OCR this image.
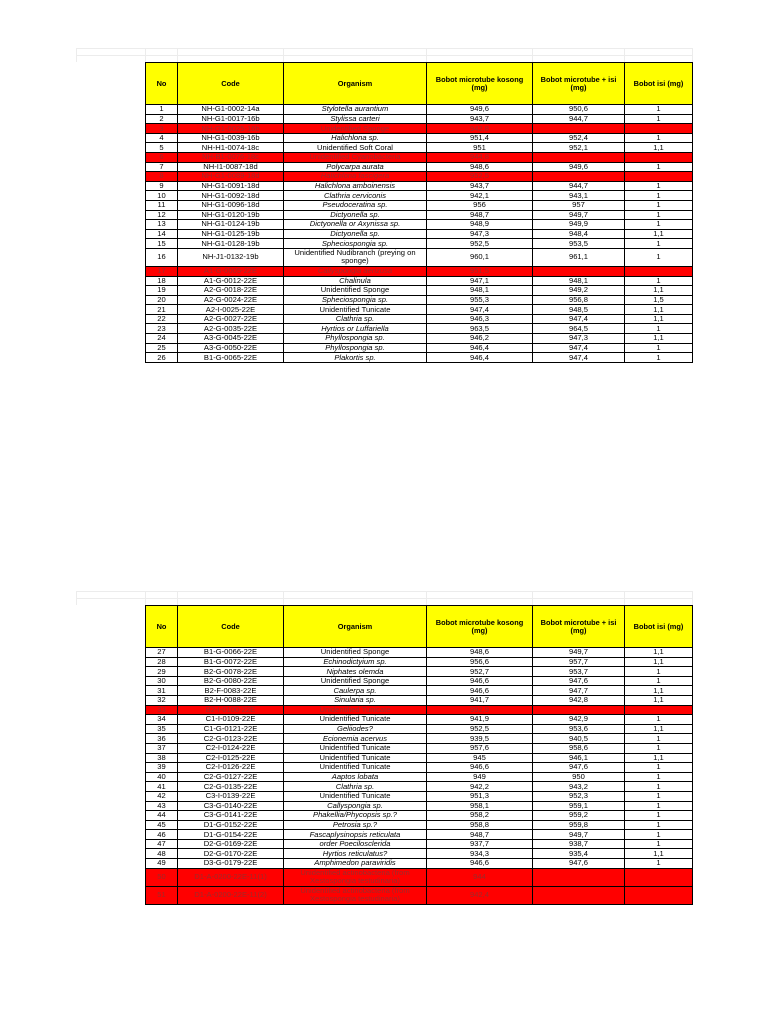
No	Code	Organism	Bobot microtube kosong (mg)	Bobot microtube + isi (mg)	Bobot isi (mg)
1	NH-G1-0002-14a	Stylotella aurantium	949,6	950,6	1
2	NH-G1-0017-16b	Stylissa carteri	943,7	944,7	1
3	NH-G1-0025-16b	Unidentified Sponge	942,8		
4	NH-G1-0039-16b	Halichlona sp.	951,4	952,4	1
5	NH-H1-0074-18c	Unidentified Soft Coral	951	952,1	1,1
6	NH-B1-0076-18c	Unidentified Cyanobacteria	944,8		
7	NH-I1-0087-18d	Polycarpa aurata	948,6	949,6	1
8	NH-G1-0089-18d	Halichlona fascigera	952,5		
9	NH-G1-0091-18d	Halichlona amboinensis	943,7	944,7	1
10	NH-G1-0092-18d	Clathria cerviconis	942,1	943,1	1
11	NH-G1-0096-18d	Pseudoceratina sp.	956	957	1
12	NH-G1-0120-19b	Dictyonella sp.	948,7	949,7	1
13	NH-G1-0124-19b	Dictyonella or Axynissa sp.	948,9	949,9	1
14	NH-G1-0125-19b	Dictyonella sp.	947,3	948,4	1,1
15	NH-G1-0128-19b	Spheciospongia sp.	952,5	953,5	1
16	NH-J1-0132-19b	Unidentified Nudibranch (preying on sponge)	960,1	961,1	1
17	A1-G-0005-22E	Callyspongia aerizusa	951,5		
18	A1-G-0012-22E	Chalinula	947,1	948,1	1
19	A2-G-0018-22E	Unidentified Sponge	948,1	949,2	1,1
20	A2-G-0024-22E	Spheciospongia sp.	955,3	956,8	1,5
21	A2-I-0025-22E	Unidentified Tunicate	947,4	948,5	1,1
22	A2-G-0027-22E	Clathria sp.	946,3	947,4	1,1
23	A2-G-0035-22E	Hyrtios or Luffariella	963,5	964,5	1
24	A3-G-0045-22E	Phyllospongia sp.	946,2	947,3	1,1
25	A3-G-0050-22E	Phyllospongia sp.	946,4	947,4	1
26	B1-G-0065-22E	Plakortis sp.	946,4	947,4	1
No	Code	Organism	Bobot microtube kosong (mg)	Bobot microtube + isi (mg)	Bobot isi (mg)
27	B1-G-0066-22E	Unidentified Sponge	948,6	949,7	1,1
28	B1-G-0072-22E	Echinodictyium sp.	956,6	957,7	1,1
29	B2-G-0078-22E	Niphates olemda	952,7	953,7	1
30	B2-G-0080-22E	Unidentified Sponge	946,6	947,6	1
31	B2-F-0083-22E	Caulerpa sp.	946,6	947,7	1,1
32	B2-H-0088-22E	Sinularia sp.	941,7	942,8	1,1
33	B2-I-0100-22E	Unidentified Tunicate	992,9		
34	C1-I-0109-22E	Unidentified Tunicate	941,9	942,9	1
35	C1-G-0121-22E	Geliiodes?	952,5	953,6	1,1
36	C2-G-0123-22E	Ecionemia acervus	939,5	940,5	1
37	C2-I-0124-22E	Unidentified Tunicate	957,6	958,6	1
38	C2-I-0125-22E	Unidentified Tunicate	945	946,1	1,1
39	C2-I-0126-22E	Unidentified Tunicate	946,6	947,6	1
40	C2-G-0127-22E	Aaptos lobata	949	950	1
41	C2-G-0135-22E	Clathria sp.	942,2	943,2	1
42	C3-I-0139-22E	Unidentified Tunicate	951,3	952,3	1
43	C3-G-0140-22E	Callyspongia sp.	958,1	959,1	1
44	C3-G-0141-22E	Phakellia/Phycopsis sp.?	958,2	959,2	1
45	D1-G-0152-22E	Petrosia sp.?	958,8	959,8	1
46	D1-G-0154-22E	Fascaplysinopsis reticulata	948,7	949,7	1
47	D2-G-0169-22E	order Poecilosclerida	937,7	938,7	1
48	D2-G-0170-22E	Hyrtios reticulatus?	934,3	935,4	1,1
49	D3-G-0179-22E	Amphimedon paraviridis	946,6	947,6	1
50	D1-A-0200-22E-11(1)	Unidentified actinobacteria (from Xestospongia testudinaria)	944		
51	D1-A-0200-22E-11(2)	Unidentified actinobacteria (from Xestospongia testudinaria)	942,4		
